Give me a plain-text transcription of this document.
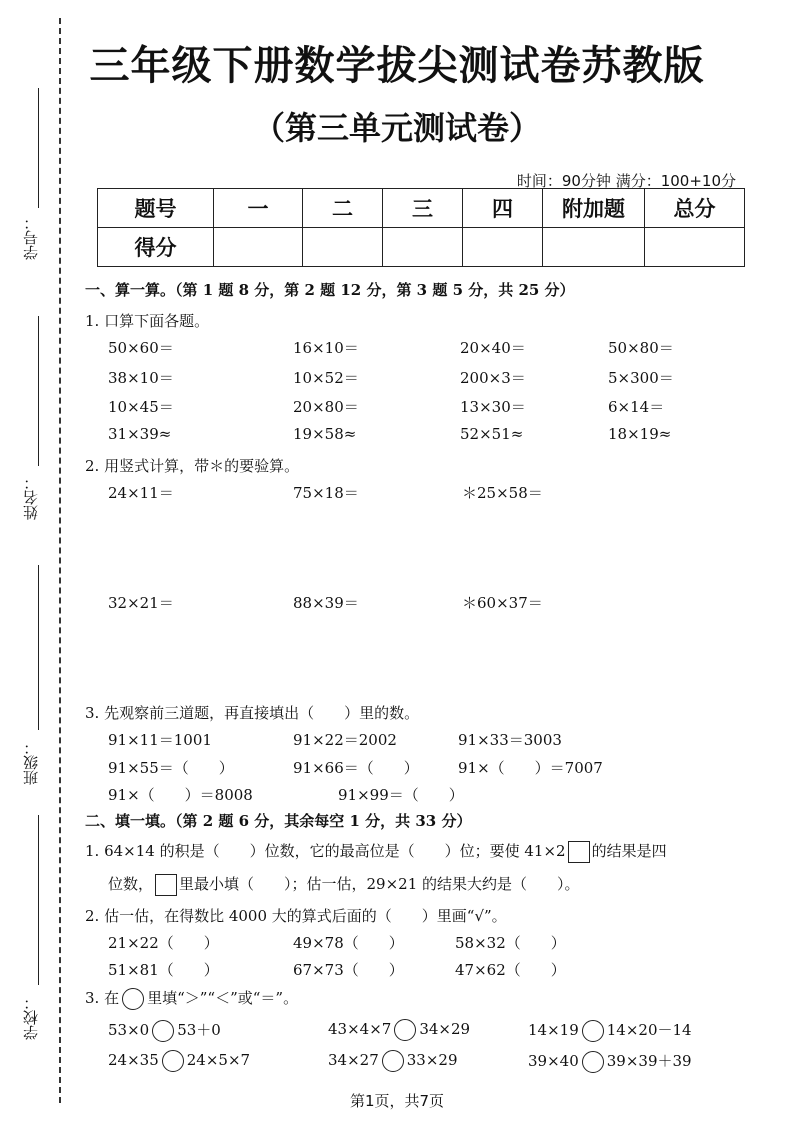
学号：
姓名：
班级：
学校：
三年级下册数学拔尖测试卷苏教版
（第三单元测试卷）
时间：90分钟 满分：100+10分
题号	一	二	三	四	附加题	总分
得分						
一、算一算。（第 1 题 8 分，第 2 题 12 分，第 3 题 5 分，共 25 分）
1. 口算下面各题。
50×60＝	16×10＝	20×40＝	50×80＝
38×10＝	10×52＝	200×3＝	5×300＝
10×45＝	20×80＝	13×30＝	6×14＝
31×39≈	19×58≈	52×51≈	18×19≈
2. 用竖式计算，带＊的要验算。
24×11＝	75×18＝	＊25×58＝
32×21＝	88×39＝	＊60×37＝
3. 先观察前三道题，再直接填出（　　）里的数。
91×11＝1001	91×22＝2002	91×33＝3003
91×55＝（　　）	91×66＝（　　）	91×（　　）＝7007
91×（　　）＝8008	91×99＝（　　）
二、填一填。（第 2 题 6 分，其余每空 1 分，共 33 分）
1. 64×14 的积是（　　）位数，它的最高位是（　　）位；要使 41×2 的结果是四
位数， 里最小填（　　）；估一估，29×21 的结果大约是（　　）。
2. 估一估，在得数比 4000 大的算式后面的（　　）里画“√”。
21×22（　　）	49×78（　　）	58×32（　　）
51×81（　　）	67×73（　　）	47×62（　　）
3. 在 里填“＞”“＜”或“＝”。
53×0 53＋0	43×4×7 34×29	14×19 14×20－14
24×35 24×5×7	34×27 33×29	39×40 39×39＋39
第1页，共7页
